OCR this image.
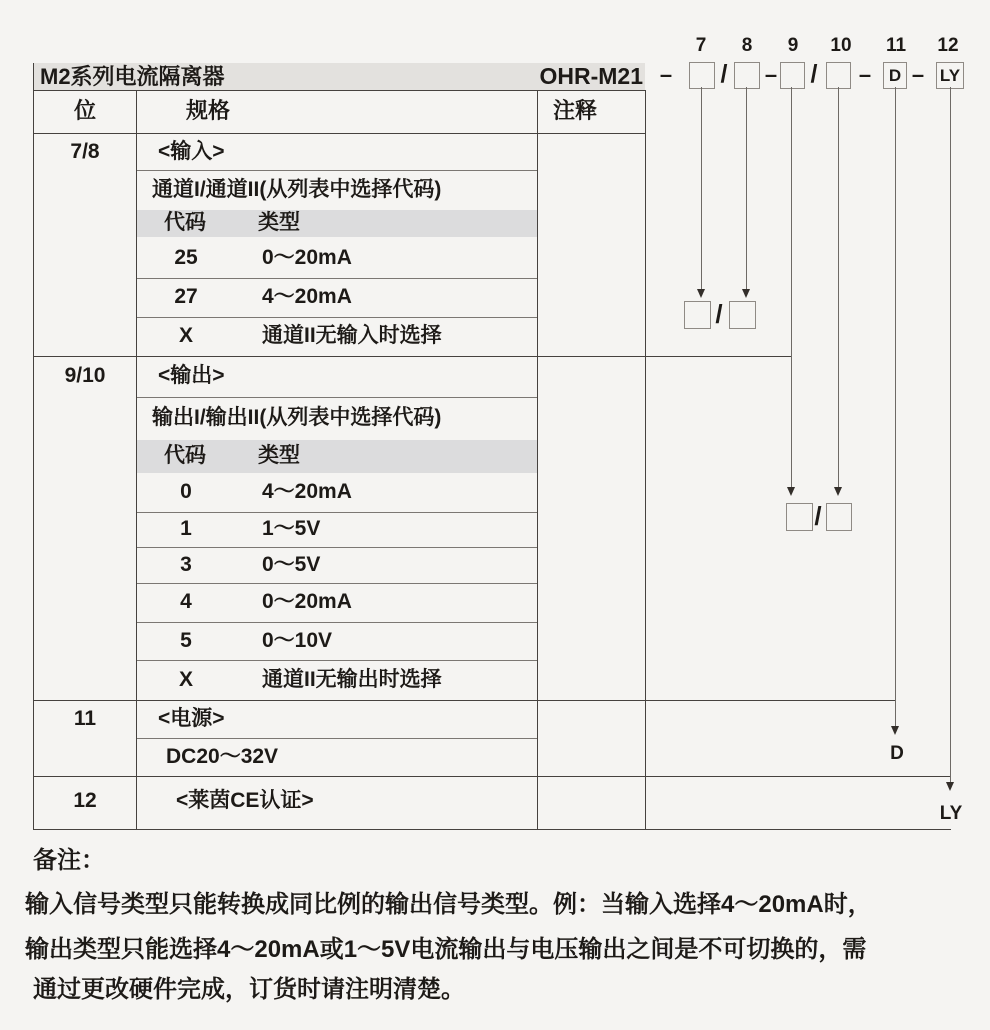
M2系列电流隔离器	OHR-M21
7	8	9	10	11	12
–	/	–	/	–	D – LY
/
/
D
LY
位	规格	注释
7/8	<输入>
通道I/通道II(从列表中选择代码)
代码 类型
25	0～20mA
27	4～20mA
X	通道II无输入时选择
9/10	<输出>
输出I/输出II(从列表中选择代码)
代码 类型
0	4～20mA
1	1～5V
3	0～5V
4	0～20mA
5	0～10V
X	通道II无输出时选择
11	<电源>
DC20～32V
12	<莱茵CE认证>
备注：
输入信号类型只能转换成同比例的输出信号类型。例：当输入选择4～20mA时，
输出类型只能选择4～20mA或1～5V电流输出与电压输出之间是不可切换的，需
通过更改硬件完成，订货时请注明清楚。
